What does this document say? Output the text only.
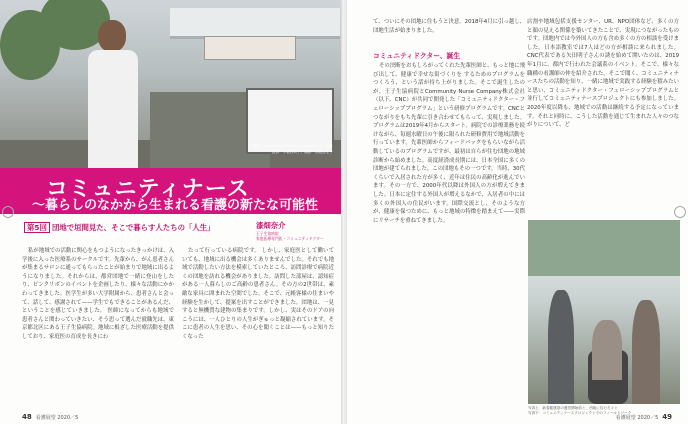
撮影：Community Nursing Company 株式会社
提供：小坂谷利子／撮影・国島志生子
コミュニティナース
〜暮らしのなかから生まれる看護の新たな可能性
第5回 団地で垣間見た、そこで暮らす人たちの「人生」	漆畑奈介
王子生協病院
家庭医療専門医・コミュニティドクター

私が地域での活動に関心をもつようになったきっかけは、入学後に入った医療系のサークルです。先輩から、がん患者さんが集まるサロンに通ってもらったことが始まりで地域に出るようになりました。それからは、都営団地で一緒に登山をしたり、ピンクリボンのイベントを企画したり、様々な活動にかかわってきました。医学生が多い大学附属から、患者さんと会って、話して、感謝されて——学生でもできることがあるんだ、ということを感じていきました。 医師になってからも地域で患者さんと関わっていきたい、そう思って選んだ就職先は、東京都北区にある王子生協病院。地域に根ざした医療活動を提供しており、家庭医の育成を長きにわ

たって行っている病院です。 しかし、家庭医として働いていても、地域に出る機会は多くありませんでした。それでも地域で活動したい方法を模索していたところ、訪問診療で病院近くの団地を訪れる機会がありました。訪問した部屋は、認知症がある一人暮らしのご高齢の患者さん。その方の2世帯は、素敵な家具に囲まれた空間でした。そこで、元帳客様の住まいや経験を生かして、提案を出すことができました。団地は、一見すると無機質な建物の集まりです。しかし、実はそのドアの向こうには、一人ひとりの人生がぎゅっと凝縮されています。そこに患者の人生を思い、その心を聞くことは——もっと知りたくなった

48 看護展望 2020／5

て、ついにその団地に住もうと決意。2018年4月に引っ越し、団地生活が始まりました。

コミュニティドクター、誕生

その決断をおもしろがってくれた先輩医師と、もっと地に飛び出して、健康で幸せな街づくりを するためのプログラムをつくろう、という話が持ち上がりました。そこで誕生したのが、王子生協病院とCommunity Nurse Company株式会社（以下、CNC）が共同で開発した「コミュニティドクター・フェローシッププログラム」という研修プログラムです。CNCとつながりをもち先輩に引き合わせてもらって、実現しました。 プログラムは2019年4月からスタート。病院での診療業務を続けながら、毎週水曜日の午後に限られた研修費用で地域活動を行っています。先輩医師からフィードバックをもらいながら活動しているのプログラムですが、最初は自らが住む団地の地域診断から始めました。高度経済成長期には、日本全国に多くの団地が建てられました。この団地もその一つです。当時、30代くらいで入居された方が多く、近年は住民の高齢化が進んでいます。その一方で、2000年代以降は外国人の方が増えてきました。日本に定住する外国人が増えるなかで、入居者の中には多くの外国人の住民がいます。国際交流とし、そのような方が、健康を保つために、もっと地域の特徴を踏まえて——実際にリサーチを重ねてきました。

店割や地域包括支援センター、UR、NPO団体など、多くの方と顔の見える関係を築いてきたことで、実現につながったものです。団地内では今外国人の方も含め多くの方の相談を受けました。日本語教室では7人ほどの方が相談に来られました。 CNC代表である矢田明子さんの誘を始めて開いたのは、2019年1月に、都内で行われた会議系のイベント。そこで、様々な職種の看護師の仲を紹介された。そこで聞く、コミュニティナースたちの活動を知り、一緒に地域で実践する経験を積みたいと思い、コミュニティドクター・フェローシッププログラムと並行してコミュニティナースプロジェクトにも参加しました。 2020年度以降も、地域での活動は継続する予定になっています。それと同時に、こうした活動を通じて生まれた人々のつながりについて、ど

写真上：新春健康祭の運営開始前と、団地に住む方々と
写真下：コミュニティナースプロジェクトでのフィールドワーク
看護展望 2020／5 49
